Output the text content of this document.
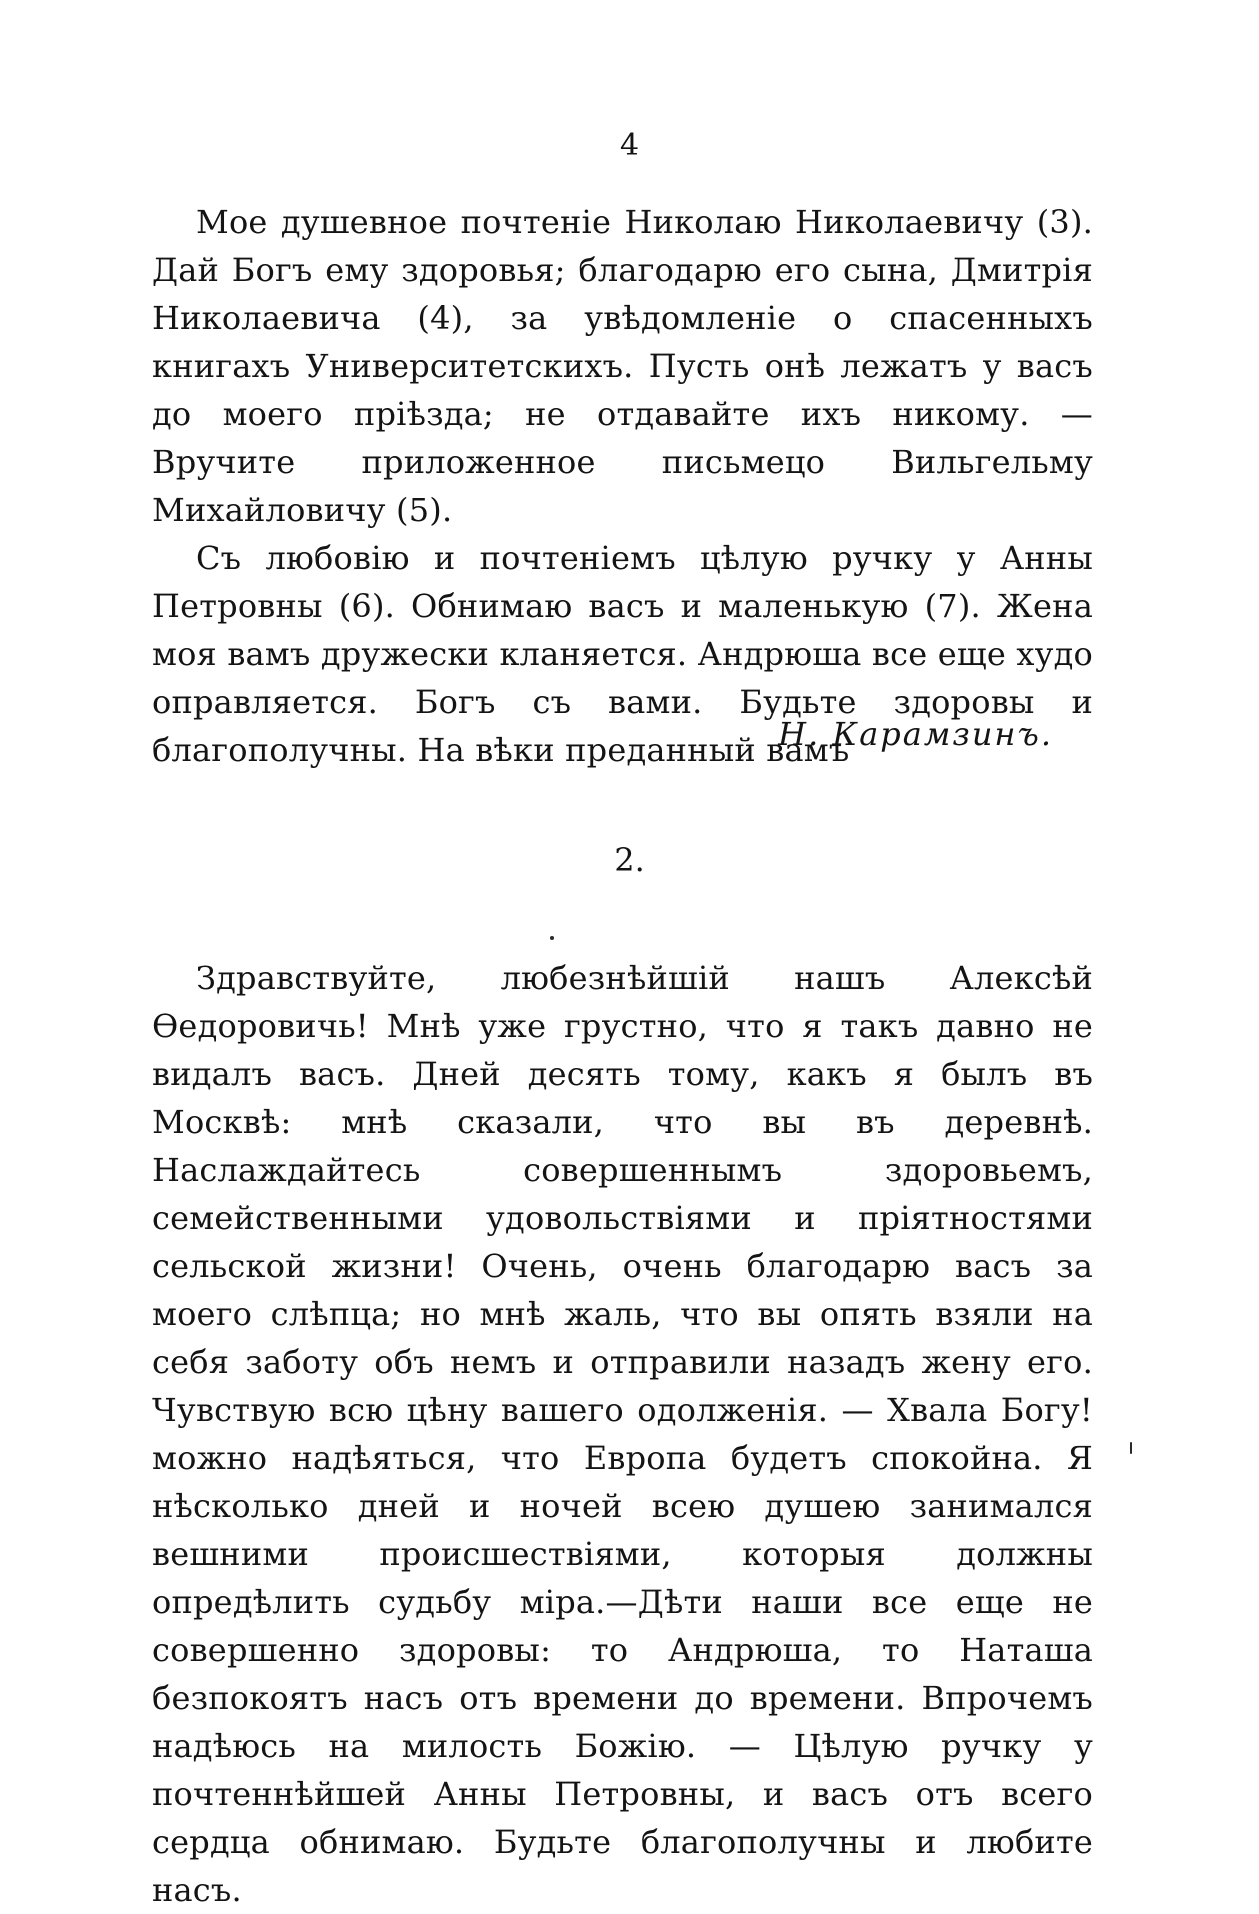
4

Мое душевное почтеніе Николаю Николаевичу (3). Дай Богъ ему здоровья; благодарю его сына, Дмитрія Николаевича (4), за увѣдомленіе о спасенныхъ книгахъ Университетскихъ. Пусть онѣ лежатъ у васъ до моего пріѣзда; не отдавайте ихъ никому. — Вручите приложенное письмецо Вильгельму Михайловичу (5).

Съ любовію и почтеніемъ цѣлую ручку у Анны Петровны (6). Обнимаю васъ и маленькую (7). Жена моя вамъ дружески кланяется. Андрюша все еще худо оправляется. Богъ съ вами. Будьте здоровы и благополучны. На вѣки преданный вамъ

Н. Карамзинъ.
2.

Здравствуйте, любезнѣйшій нашъ Алексѣй Ѳедоровичь! Мнѣ уже грустно, что я такъ давно не видалъ васъ. Дней десять тому, какъ я былъ въ Москвѣ: мнѣ сказали, что вы въ деревнѣ. Наслаждайтесь совершеннымъ здоровьемъ, семейственными удовольствіями и пріятностями сельской жизни! Очень, очень благодарю васъ за моего слѣпца; но мнѣ жаль, что вы опять взяли на себя заботу объ немъ и отправили назадъ жену его. Чувствую всю цѣну вашего одолженія. — Хвала Богу! можно надѣяться, что Европа будетъ спокойна. Я нѣсколько дней и ночей всею душею занимался вешними происшествіями, которыя должны опредѣлить судьбу міра.—Дѣти наши все еще не совершенно здоровы: то Андрюша, то Наташа безпокоятъ насъ отъ времени до времени. Впрочемъ надѣюсь на милость Божію. — Цѣлую ручку у почтеннѣйшей Анны Петровны, и васъ отъ всего сердца обнимаю. Будьте благополучны и любите насъ.
